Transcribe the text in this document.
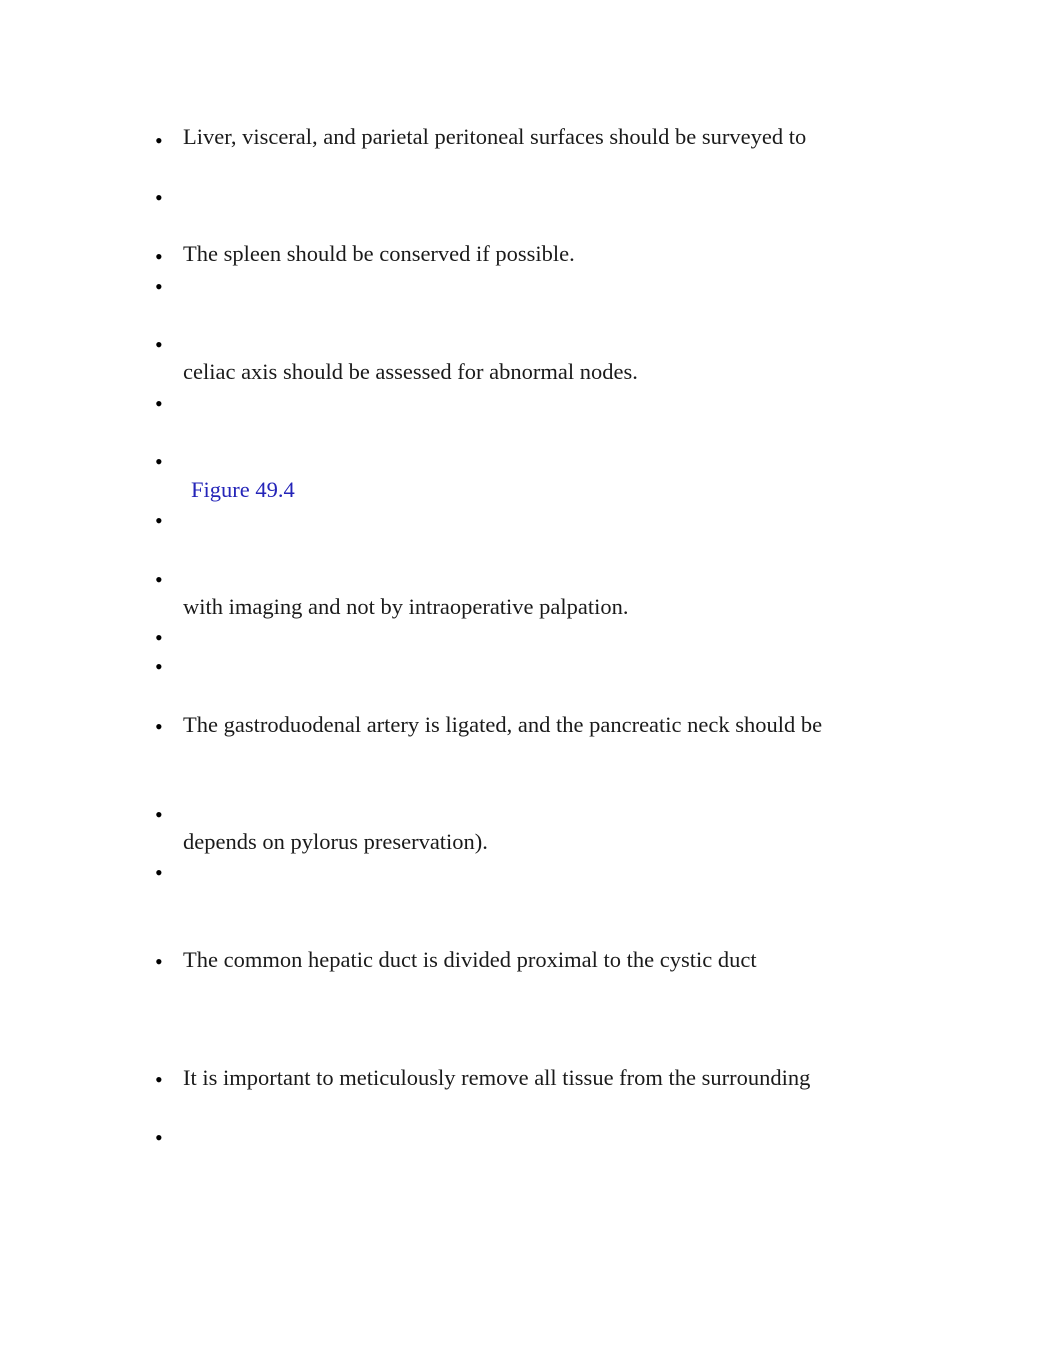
•
•
•
•
•
•
•
•
•
•
•
•
•
•
•
•
•
Liver, visceral, and parietal peritoneal surfaces should be surveyed to
The spleen should be conserved if possible.
celiac axis should be assessed for abnormal nodes.
Figure 49.4
with imaging and not by intraoperative palpation.
The gastroduodenal artery is ligated, and the pancreatic neck should be
depends on pylorus preservation).
The common hepatic duct is divided proximal to the cystic duct
It is important to meticulously remove all tissue from the surrounding
